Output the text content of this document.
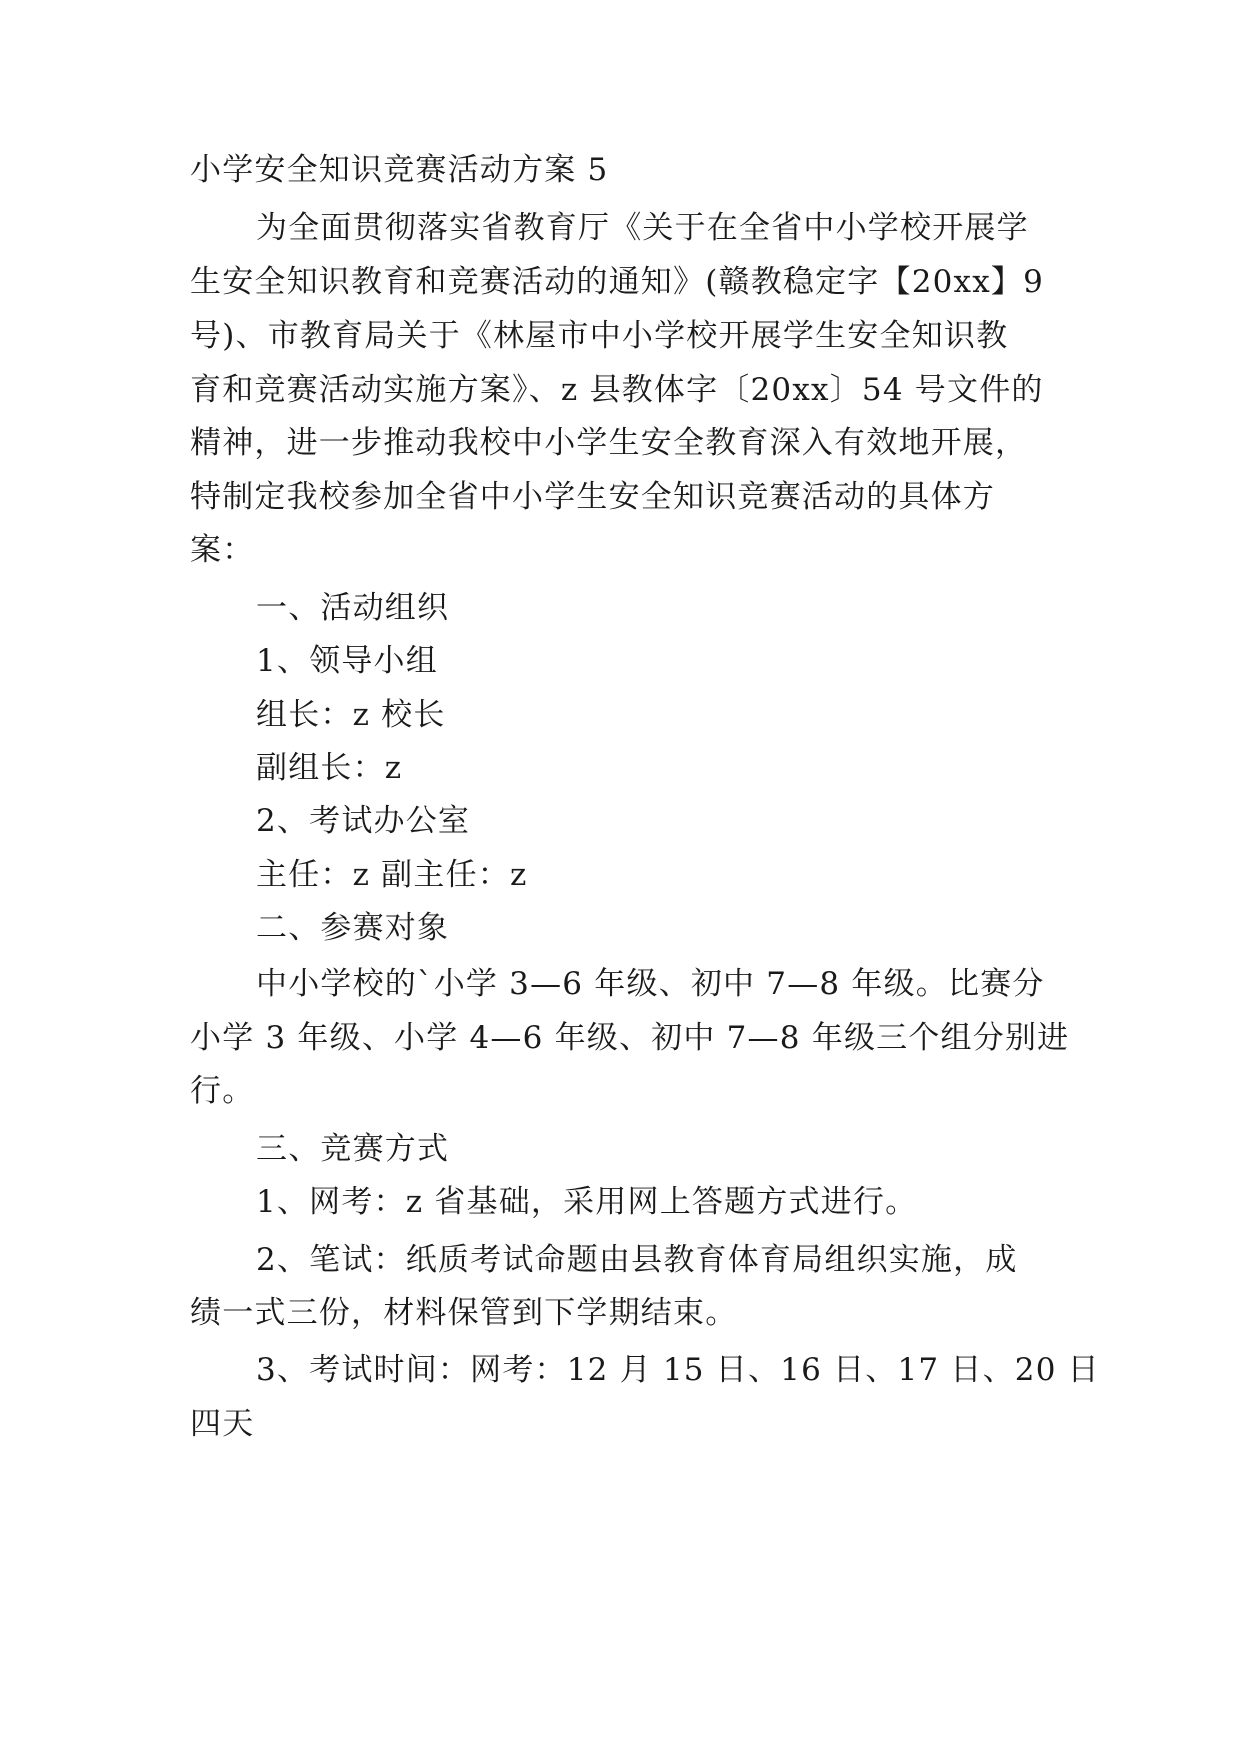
小学安全知识竞赛活动方案 5
为全面贯彻落实省教育厅《关于在全省中小学校开展学
生安全知识教育和竞赛活动的通知》(赣教稳定字【20xx】9
号)、市教育局关于《林屋市中小学校开展学生安全知识教
育和竞赛活动实施方案》、z 县教体字〔20xx〕54 号文件的
精神，进一步推动我校中小学生安全教育深入有效地开展，
特制定我校参加全省中小学生安全知识竞赛活动的具体方
案：
一、活动组织
1、领导小组
组长：z 校长
副组长：z
2、考试办公室
主任：z 副主任：z
二、参赛对象
中小学校的`小学 3—6 年级、初中 7—8 年级。比赛分
小学 3 年级、小学 4—6 年级、初中 7—8 年级三个组分别进
行。
三、竞赛方式
1、网考：z 省基础，采用网上答题方式进行。
2、笔试：纸质考试命题由县教育体育局组织实施，成
绩一式三份，材料保管到下学期结束。
3、考试时间：网考：12 月 15 日、16 日、17 日、20 日
四天
